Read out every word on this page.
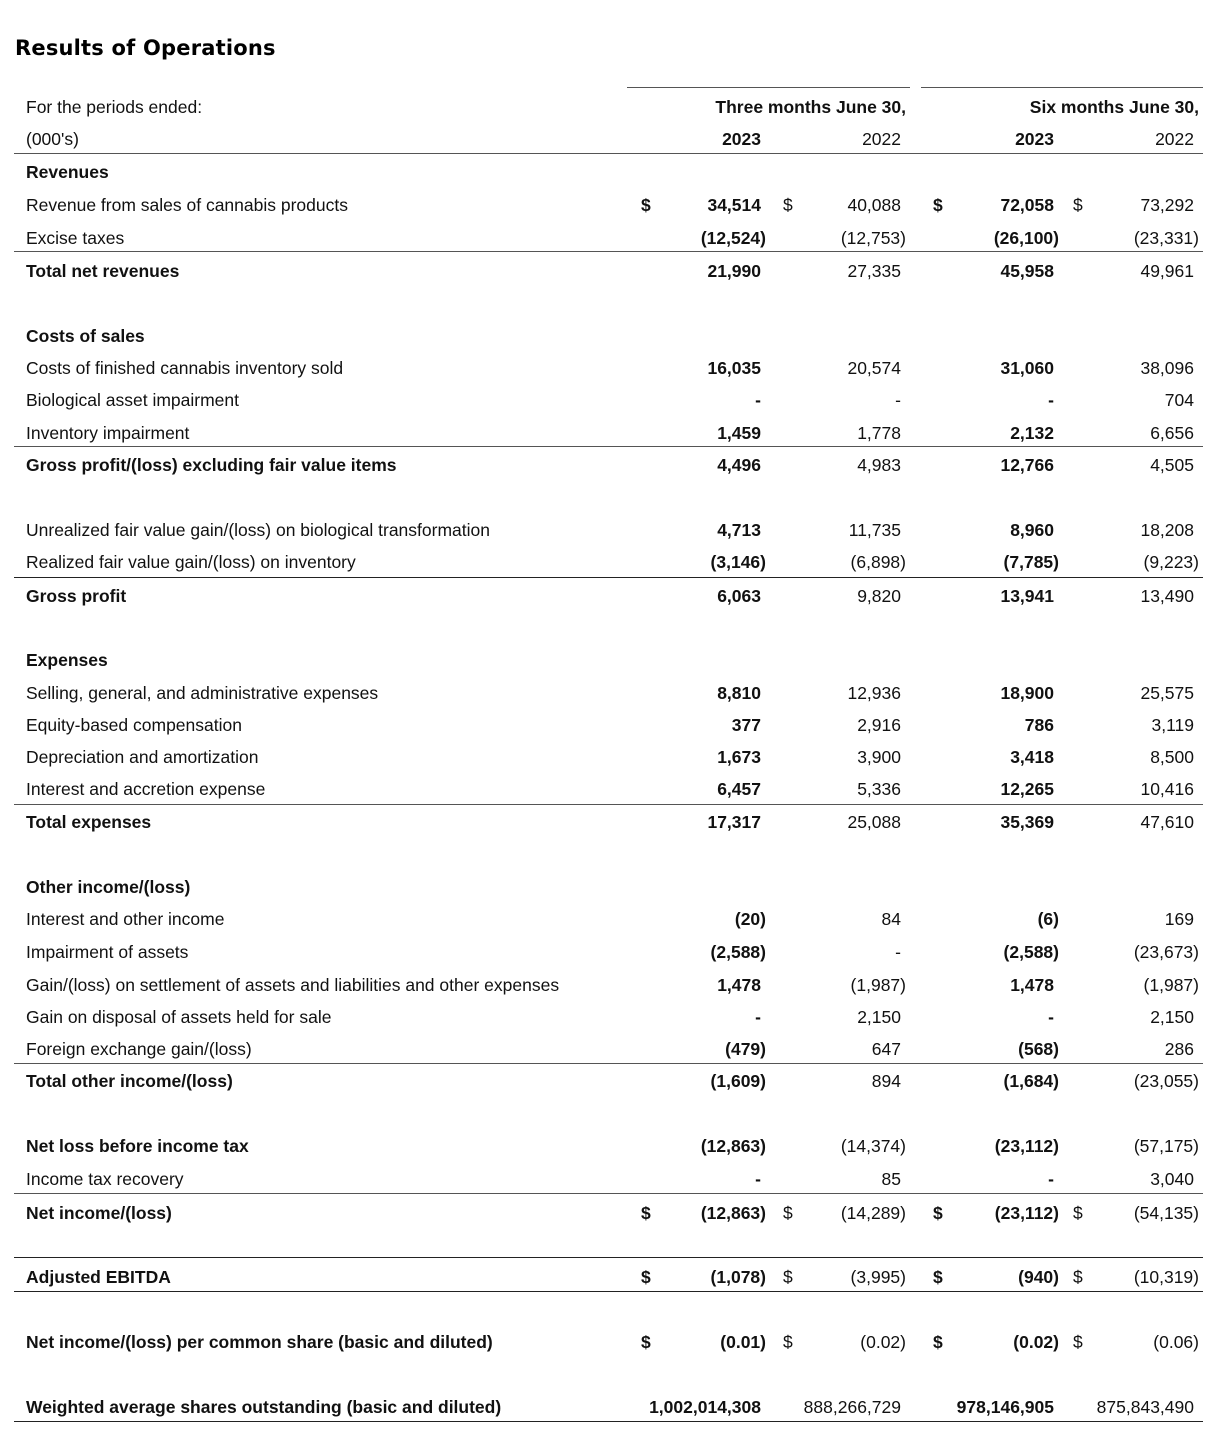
Results of Operations
For the periods ended:	Three months June 30,	Six months June 30,
(000's)	2023	2022	2023	2022
Revenues
Revenue from sales of cannabis products	$	34,514 $	40,088 $	72,058 $	73,292
Excise taxes	(12,524)	(12,753)	(26,100)	(23,331)
Total net revenues	21,990	27,335	45,958	49,961
Costs of sales
Costs of finished cannabis inventory sold	16,035	20,574	31,060	38,096
Biological asset impairment	-	-	-	704
Inventory impairment	1,459	1,778	2,132	6,656
Gross profit/(loss) excluding fair value items	4,496	4,983	12,766	4,505
Unrealized fair value gain/(loss) on biological transformation	4,713	11,735	8,960	18,208
Realized fair value gain/(loss) on inventory	(3,146)	(6,898)	(7,785)	(9,223)
Gross profit	6,063	9,820	13,941	13,490
Expenses
Selling, general, and administrative expenses	8,810	12,936	18,900	25,575
Equity-based compensation	377	2,916	786	3,119
Depreciation and amortization	1,673	3,900	3,418	8,500
Interest and accretion expense	6,457	5,336	12,265	10,416
Total expenses	17,317	25,088	35,369	47,610
Other income/(loss)
Interest and other income	(20)	84	(6)	169
Impairment of assets	(2,588)	-	(2,588)	(23,673)
Gain/(loss) on settlement of assets and liabilities and other expenses	1,478	(1,987)	1,478	(1,987)
Gain on disposal of assets held for sale	-	2,150	-	2,150
Foreign exchange gain/(loss)	(479)	647	(568)	286
Total other income/(loss)	(1,609)	894	(1,684)	(23,055)
Net loss before income tax	(12,863)	(14,374)	(23,112)	(57,175)
Income tax recovery	-	85	-	3,040
Net income/(loss)	$	(12,863) $	(14,289) $	(23,112) $	(54,135)
Adjusted EBITDA	$	(1,078) $	(3,995) $	(940) $	(10,319)
Net income/(loss) per common share (basic and diluted)	$	(0.01) $	(0.02) $	(0.02) $	(0.06)
Weighted average shares outstanding (basic and diluted)	1,002,014,308 888,266,729	978,146,905 875,843,490
